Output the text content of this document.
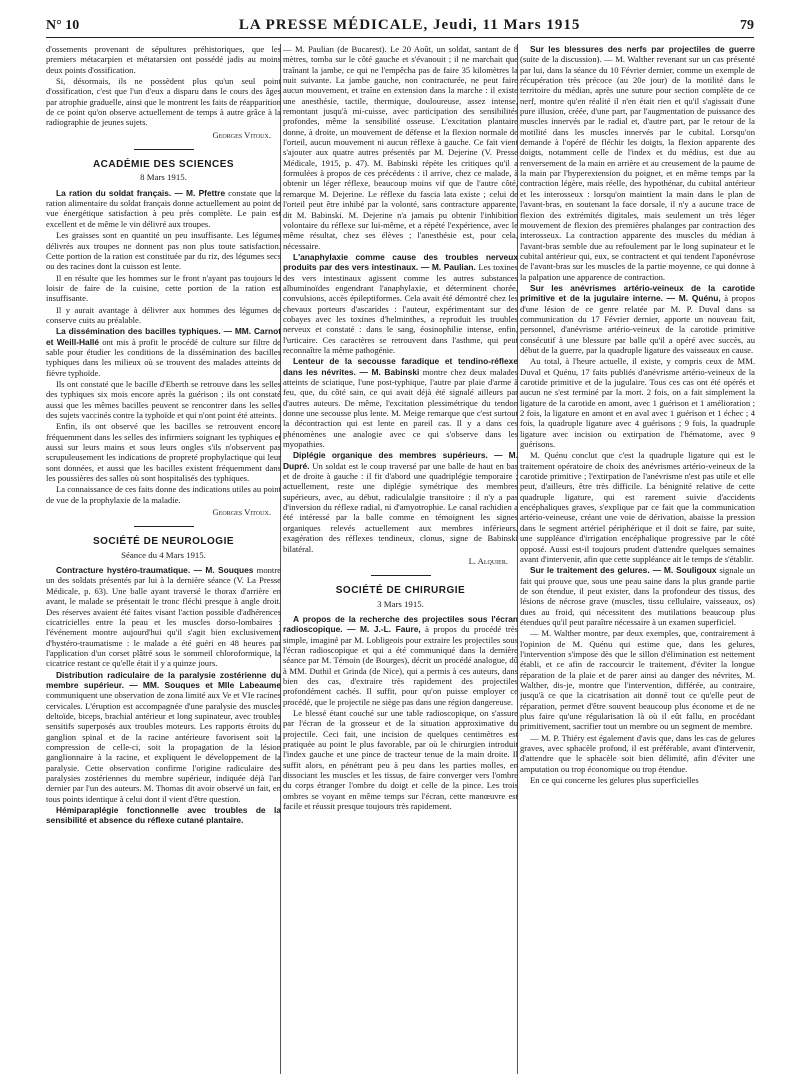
N° 10	LA PRESSE MÉDICALE, Jeudi, 11 Mars 1915	79

d'ossements provenant de sépultures préhistoriques, que les premiers métacarpien et métatarsien ont possédé jadis au moins deux points d'ossification.

Si, désormais, ils ne possèdent plus qu'un seul point d'ossification, c'est que l'un d'eux a disparu dans le cours des âges par atrophie graduelle, ainsi que le montrent les faits de réapparition de ce point qu'on observe actuellement de temps à autre grâce à la radiographie de jeunes sujets.

Georges Vitoux.

ACADÉMIE DES SCIENCES

8 Mars 1915.

La ration du soldat français. — M. Pfettre constate que la ration alimentaire du soldat français donne actuellement au point de vue énergétique satisfaction à peu près complète. Le pain est excellent et de même le vin délivré aux troupes.

Les graisses sont en quantité un peu insuffisante. Les légumes délivrés aux troupes ne donnent pas non plus toute satisfaction. Cette portion de la ration est constituée par du riz, des légumes secs ou des racines dont la cuisson est lente.

Il en résulte que les hommes sur le front n'ayant pas toujours le loisir de faire de la cuisine, cette portion de la ration est insuffisante.

Il y aurait avantage à délivrer aux hommes des légumes de conserve cuits au préalable.

La dissémination des bacilles typhiques. — MM. Carnot et Weill-Hallé ont mis à profit le procédé de culture sur filtre de sable pour étudier les conditions de la dissémination des bacilles typhiques dans les milieux où se trouvent des malades atteints de fièvre typhoïde.

Ils ont constaté que le bacille d'Eberth se retrouve dans les selles des typhiques six mois encore après la guérison ; ils ont constaté aussi que les mêmes bacilles peuvent se rencontrer dans les selles des sujets vaccinés contre la typhoïde et qui n'ont point été atteints.

Enfin, ils ont observé que les bacilles se retrouvent encore fréquemment dans les selles des infirmiers soignant les typhiques et aussi sur leurs mains et sous leurs ongles s'ils n'observent pas scrupuleusement les indications de propreté prophylactique qui leur sont données, et aussi que les bacilles existent fréquemment dans les poussières des salles où sont hospitalisés des typhiques.

La connaissance de ces faits donne des indications utiles au point de vue de la prophylaxie de la maladie.

Georges Vitoux.

SOCIÉTÉ DE NEUROLOGIE

Séance du 4 Mars 1915.

Contracture hystéro-traumatique. — M. Souques montre un des soldats présentés par lui à la dernière séance (V. La Presse Médicale, p. 63). Une balle ayant traversé le thorax d'arrière en avant, le malade se présentait le tronc fléchi presque à angle droit. Des réserves avaient été faites visant l'action possible d'adhérences cicatricielles entre la peau et les muscles dorso-lombaires : l'événement montre aujourd'hui qu'il s'agit bien exclusivement d'hystéro-traumatisme : le malade a été guéri en 48 heures par l'application d'un corset plâtré sous le sommeil chloroformique, la cicatrice restant ce qu'elle était il y a quinze jours.

Distribution radiculaire de la paralysie zostérienne du membre supérieur. — MM. Souques et Mlle Labeaume communiquent une observation de zona limité aux Ve et VIe racines cervicales. L'éruption est accompagnée d'une paralysie des muscles deltoïde, biceps, brachial antérieur et long supinateur, avec troubles sensitifs superposés aux troubles moteurs. Les rapports étroits du ganglion spinal et de la racine antérieure favorisent soit la compression de celle-ci, soit la propagation de la lésion ganglionnaire à la racine, et expliquent le développement de la paralysie. Cette observation confirme l'origine radiculaire des paralysies zostériennes du membre supérieur, indiquée déjà l'an dernier par l'un des auteurs. M. Thomas dit avoir observé un fait, en tous points identique à celui dont il vient d'être question.

Hémiparaplégie fonctionnelle avec troubles de la sensibilité et absence du réflexe cutané plantaire.

— M. Paulian (de Bucarest). Le 20 Août, un soldat, santant de 8 mètres, tomba sur le côté gauche et s'évanouit ; il ne marchait que traînant la jambe, ce qui ne l'empêcha pas de faire 35 kilomètres la nuit suivante. La jambe gauche, non contracturée, ne peut faire aucun mouvement, et traîne en extension dans la marche : il existe une anesthésie, tactile, thermique, douloureuse, assez intense, remontant jusqu'à mi-cuisse, avec participation des sensibilités profondes, même la sensibilité osseuse. L'excitation plantaire donne, à droite, un mouvement de défense et la flexion normale de l'orteil, aucun mouvement ni aucun réflexe à gauche. Ce fait vient s'ajouter aux quatre autres présentés par M. Dejerine (V. Presse Médicale, 1915, p. 47). M. Babinski répète les critiques qu'il a formulées à propos de ces précédents : il arrive, chez ce malade, à obtenir un léger réflexe, beaucoup moins vif que de l'autre côté, remarque M. Dejerine. Le réflexe du fascia lata existe ; celui de l'orteil peut être inhibé par la volonté, sans contracture apparente, dit M. Babinski. M. Dejerine n'a jamais pu obtenir l'inhibition volontaire du réflexe sur lui-même, et a répété l'expérience, avec le même résultat, chez ses élèves ; l'anesthésie est, pour cela, nécessaire.

L'anaphylaxie comme cause des troubles nerveux produits par des vers intestinaux. — M. Paulian. Les toxines des vers intestinaux agissent comme les autres substances albuminoïdes engendrant l'anaphylaxie, et déterminent chorée, convulsions, accès épileptiformes. Cela avait été démontré chez les chevaux porteurs d'ascarides : l'auteur, expérimentant sur des cobayes avec les toxines d'helminthes, a reproduit les troubles nerveux et constaté : dans le sang, éosinophilie intense, enfin, l'urticaire. Ces caractères se retrouvent dans l'asthme, qui peut reconnaître la même pathogénie.

Lenteur de la secousse faradique et tendino-réflexe dans les névrites. — M. Babinski montre chez deux malades atteints de sciatique, l'une post-typhique, l'autre par plaie d'arme à feu, que, du côté sain, ce qui avait déjà été signalé ailleurs par d'autres auteurs. De même, l'excitation plessimétrique du tendon donne une secousse plus lente. M. Meige remarque que c'est surtout la décontraction qui est lente en pareil cas. Il y a dans ces phénomènes une analogie avec ce qui s'observe dans les myopathies.

Diplégie organique des membres supérieurs. — M. Dupré. Un soldat est le coup traversé par une balle de haut en bas et de droite à gauche : il fit d'abord une quadriplégie temporaire ; actuellement, reste une diplégie symétrique des membres supérieurs, avec, au début, radiculalgie transitoire : il n'y a pas d'inversion du réflexe radial, ni d'amyotrophie. Le canal rachidien a été intéressé par la balle comme en témoignent les signes organiques relevés actuellement aux membres inférieurs, exagération des réflexes tendineux, clonus, signe de Babinski bilatéral.

L. Alquier.

SOCIÉTÉ DE CHIRURGIE

3 Mars 1915.

A propos de la recherche des projectiles sous l'écran radioscopique. — M. J.-L. Faure, à propos du procédé très simple, imaginé par M. Lobligeois pour extraire les projectiles sous l'écran radioscopique et qui a été communiqué dans la dernière séance par M. Témoin (de Bourges), décrit un procédé analogue, dû à MM. Duthil et Grinda (de Nice), qui a permis à ces auteurs, dans bien des cas, d'extraire très rapidement des projectiles profondément cachés. Il suffit, pour qu'on puisse employer ce procédé, que le projectile ne siège pas dans une région dangereuse.

Le blessé étant couché sur une table radioscopique, on s'assure par l'écran de la grosseur et de la situation approximative du projectile. Ceci fait, une incision de quelques centimètres est pratiquée au point le plus favorable, par où le chirurgien introduit l'index gauche et une pince de tracteur tenue de la main droite. Il suffit alors, en pénétrant peu à peu dans les parties molles, en dissociant les muscles et les tissus, de faire converger vers l'ombre du corps étranger l'ombre du doigt et celle de la pince. Les trois ombres se voyant en même temps sur l'écran, cette manœuvre est facile et réussit presque toujours très rapidement.

Sur les blessures des nerfs par projectiles de guerre (suite de la discussion). — M. Walther revenant sur un cas présenté par lui, dans la séance du 10 Février dernier, comme un exemple de récupération très précoce (au 20e jour) de la motilité dans le territoire du médian, après une suture pour section complète de ce nerf, montre qu'en réalité il n'en était rien et qu'il s'agissait d'une pure illusion, créée, d'une part, par l'augmentation de puissance des muscles innervés par le radial et, d'autre part, par le retour de la motilité dans les muscles innervés par le cubital. Lorsqu'on demande à l'opéré de fléchir les doigts, la flexion apparente des doigts, notamment celle de l'index et du médius, est due au renversement de la main en arrière et au creusement de la paume de la main par l'hyperextension du poignet, et en même temps par la contraction légère, mais réelle, des hypothénar, du cubital antérieur et les interosseux : lorsqu'on maintient la main dans le plan de l'avant-bras, en soutenant la face dorsale, il n'y a aucune trace de flexion des extrémités digitales, mais seulement un très léger mouvement de flexion des premières phalanges par contraction des interosseux. La contraction apparente des muscles du médian à l'avant-bras semble due au refoulement par le long supinateur et le cubital antérieur qui, eux, se contractent et qui tendent l'aponévrose de l'avant-bras sur les muscles de la partie moyenne, ce qui donne à la palpation une apparence de contraction.

Sur les anévrismes artério-veineux de la carotide primitive et de la jugulaire interne. — M. Quénu, à propos d'une lésion de ce genre relatée par M. P. Duval dans sa communication du 17 Février dernier, apporte un nouveau fait, personnel, d'anévrisme artério-veineux de la carotide primitive consécutif à une blessure par balle qu'il a opéré avec succès, au début de la guerre, par la quadruple ligature des vaisseaux en cause.

Au total, à l'heure actuelle, il existe, y compris ceux de MM. Duval et Quénu, 17 faits publiés d'anévrisme artério-veineux de la carotide primitive et de la jugulaire. Tous ces cas ont été opérés et aucun ne s'est terminé par la mort. 2 fois, on a fait simplement la ligature de la carotide en amont, avec 1 guérison et 1 amélioration ; 2 fois, la ligature en amont et en aval avec 1 guérison et 1 échec ; 4 fois, la quadruple ligature avec 4 guérisons ; 9 fois, la quadruple ligature avec incision ou extirpation de l'hématome, avec 9 guérisons.

M. Quénu conclut que c'est la quadruple ligature qui est le traitement opératoire de choix des anévrismes artério-veineux de la carotide primitive ; l'extirpation de l'anévrisme n'est pas utile et elle peut, d'ailleurs, être très difficile. La bénignité relative de cette quadruple ligature, qui est rarement suivie d'accidents encéphaliques graves, s'explique par ce fait que la communication artério-veineuse, créant une voie de dérivation, abaisse la pression dans le segment artériel périphérique et il doit se faire, par suite, une suppléance d'irrigation encéphalique progressive par le côté opposé. Aussi est-il toujours prudent d'attendre quelques semaines avant d'intervenir, afin que cette suppléance ait le temps de s'établir.

Sur le traitement des gelures. — M. Souligoux signale un fait qui prouve que, sous une peau saine dans la plus grande partie de son étendue, il peut exister, dans la profondeur des tissus, des lésions de nécrose grave (muscles, tissu cellulaire, vaisseaux, os) dues au froid, qui nécessitent des mutilations beaucoup plus étendues qu'il peut paraître nécessaire à un examen superficiel.

— M. Walther montre, par deux exemples, que, contrairement à l'opinion de M. Quénu qui estime que, dans les gelures, l'intervention s'impose dès que le sillon d'élimination est nettement établi, et ce afin de raccourcir le traitement, d'éviter la longue réparation de la plaie et de parer ainsi au danger des névrites, M. Walther, dis-je, montre que l'intervention, différée, au contraire, jusqu'à ce que la cicatrisation ait donné tout ce qu'elle peut de réparation, permet d'être souvent beaucoup plus économe et de ne plus faire qu'une régularisation là où il eût fallu, en procédant primitivement, sacrifier tout un membre ou un segment de membre.

— M. P. Thiéry est également d'avis que, dans les cas de gelures graves, avec sphacèle profond, il est préférable, avant d'intervenir, d'attendre que le sphacèle soit bien délimité, afin d'éviter une amputation ou trop économique ou trop étendue.

En ce qui concerne les gelures plus superficielles
